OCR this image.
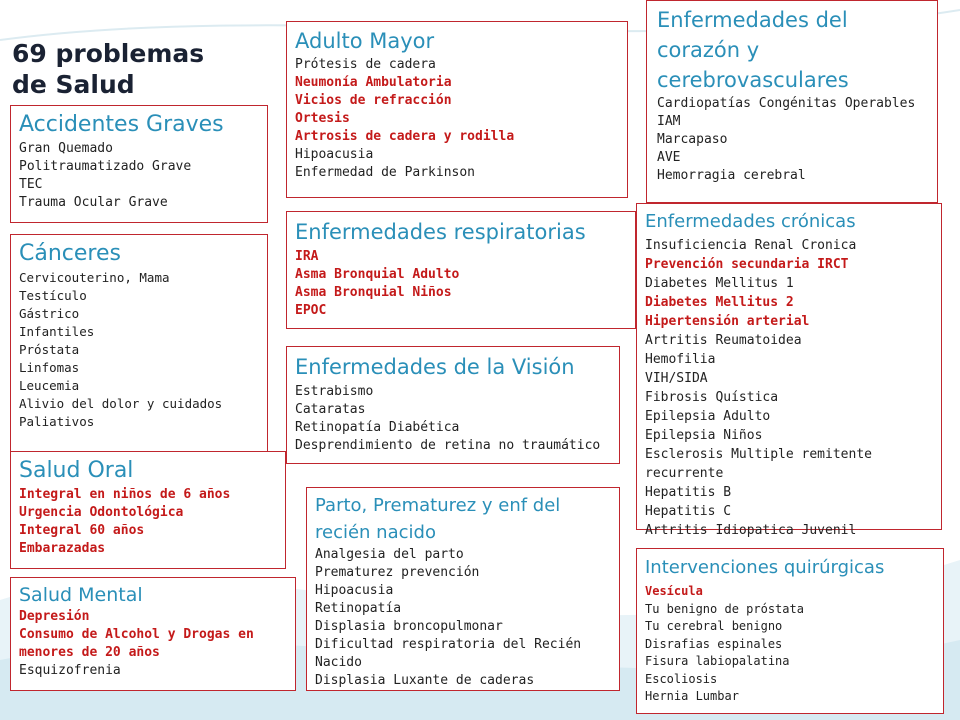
69 problemas
de Salud
Accidentes Graves
Gran Quemado
Politraumatizado Grave
TEC
Trauma Ocular Grave
Cánceres
Cervicouterino, Mama
Testículo
Gástrico
Infantiles
Próstata
Linfomas
Leucemia
Alivio del dolor y cuidados
Paliativos
Salud Oral
Integral en niños de 6 años
Urgencia Odontológica
Integral 60 años
Embarazadas
Salud Mental
Depresión
Consumo de Alcohol y Drogas en
menores de 20 años
Esquizofrenia
Adulto Mayor
Prótesis de cadera
Neumonía Ambulatoria
Vicios de refracción
Ortesis
Artrosis de cadera y rodilla
Hipoacusia
Enfermedad de Parkinson
Enfermedades respiratorias
IRA
Asma Bronquial Adulto
Asma Bronquial Niños
EPOC
Enfermedades de la Visión
Estrabismo
Cataratas
Retinopatía Diabética
Desprendimiento de retina no traumático
Parto, Prematurez y enf del
recién nacido
Analgesia del parto
Prematurez prevención
Hipoacusia
Retinopatía
Displasia broncopulmonar
Dificultad respiratoria del Recién Nacido
Displasia Luxante de caderas
Enfermedades del
corazón y
cerebrovasculares
Cardiopatías Congénitas Operables
IAM
Marcapaso
AVE
Hemorragia cerebral
Enfermedades crónicas
Insuficiencia Renal Cronica
Prevención secundaria IRCT
Diabetes Mellitus 1
Diabetes Mellitus 2
Hipertensión arterial
Artritis Reumatoidea
Hemofilia
VIH/SIDA
Fibrosis Quística
Epilepsia Adulto
Epilepsia Niños
Esclerosis Multiple remitente recurrente
Hepatitis B
Hepatitis C
Artritis Idiopatica Juvenil
Intervenciones quirúrgicas
Vesícula
Tu benigno de próstata
Tu cerebral benigno
Disrafias espinales
Fisura labiopalatina
Escoliosis
Hernia Lumbar
